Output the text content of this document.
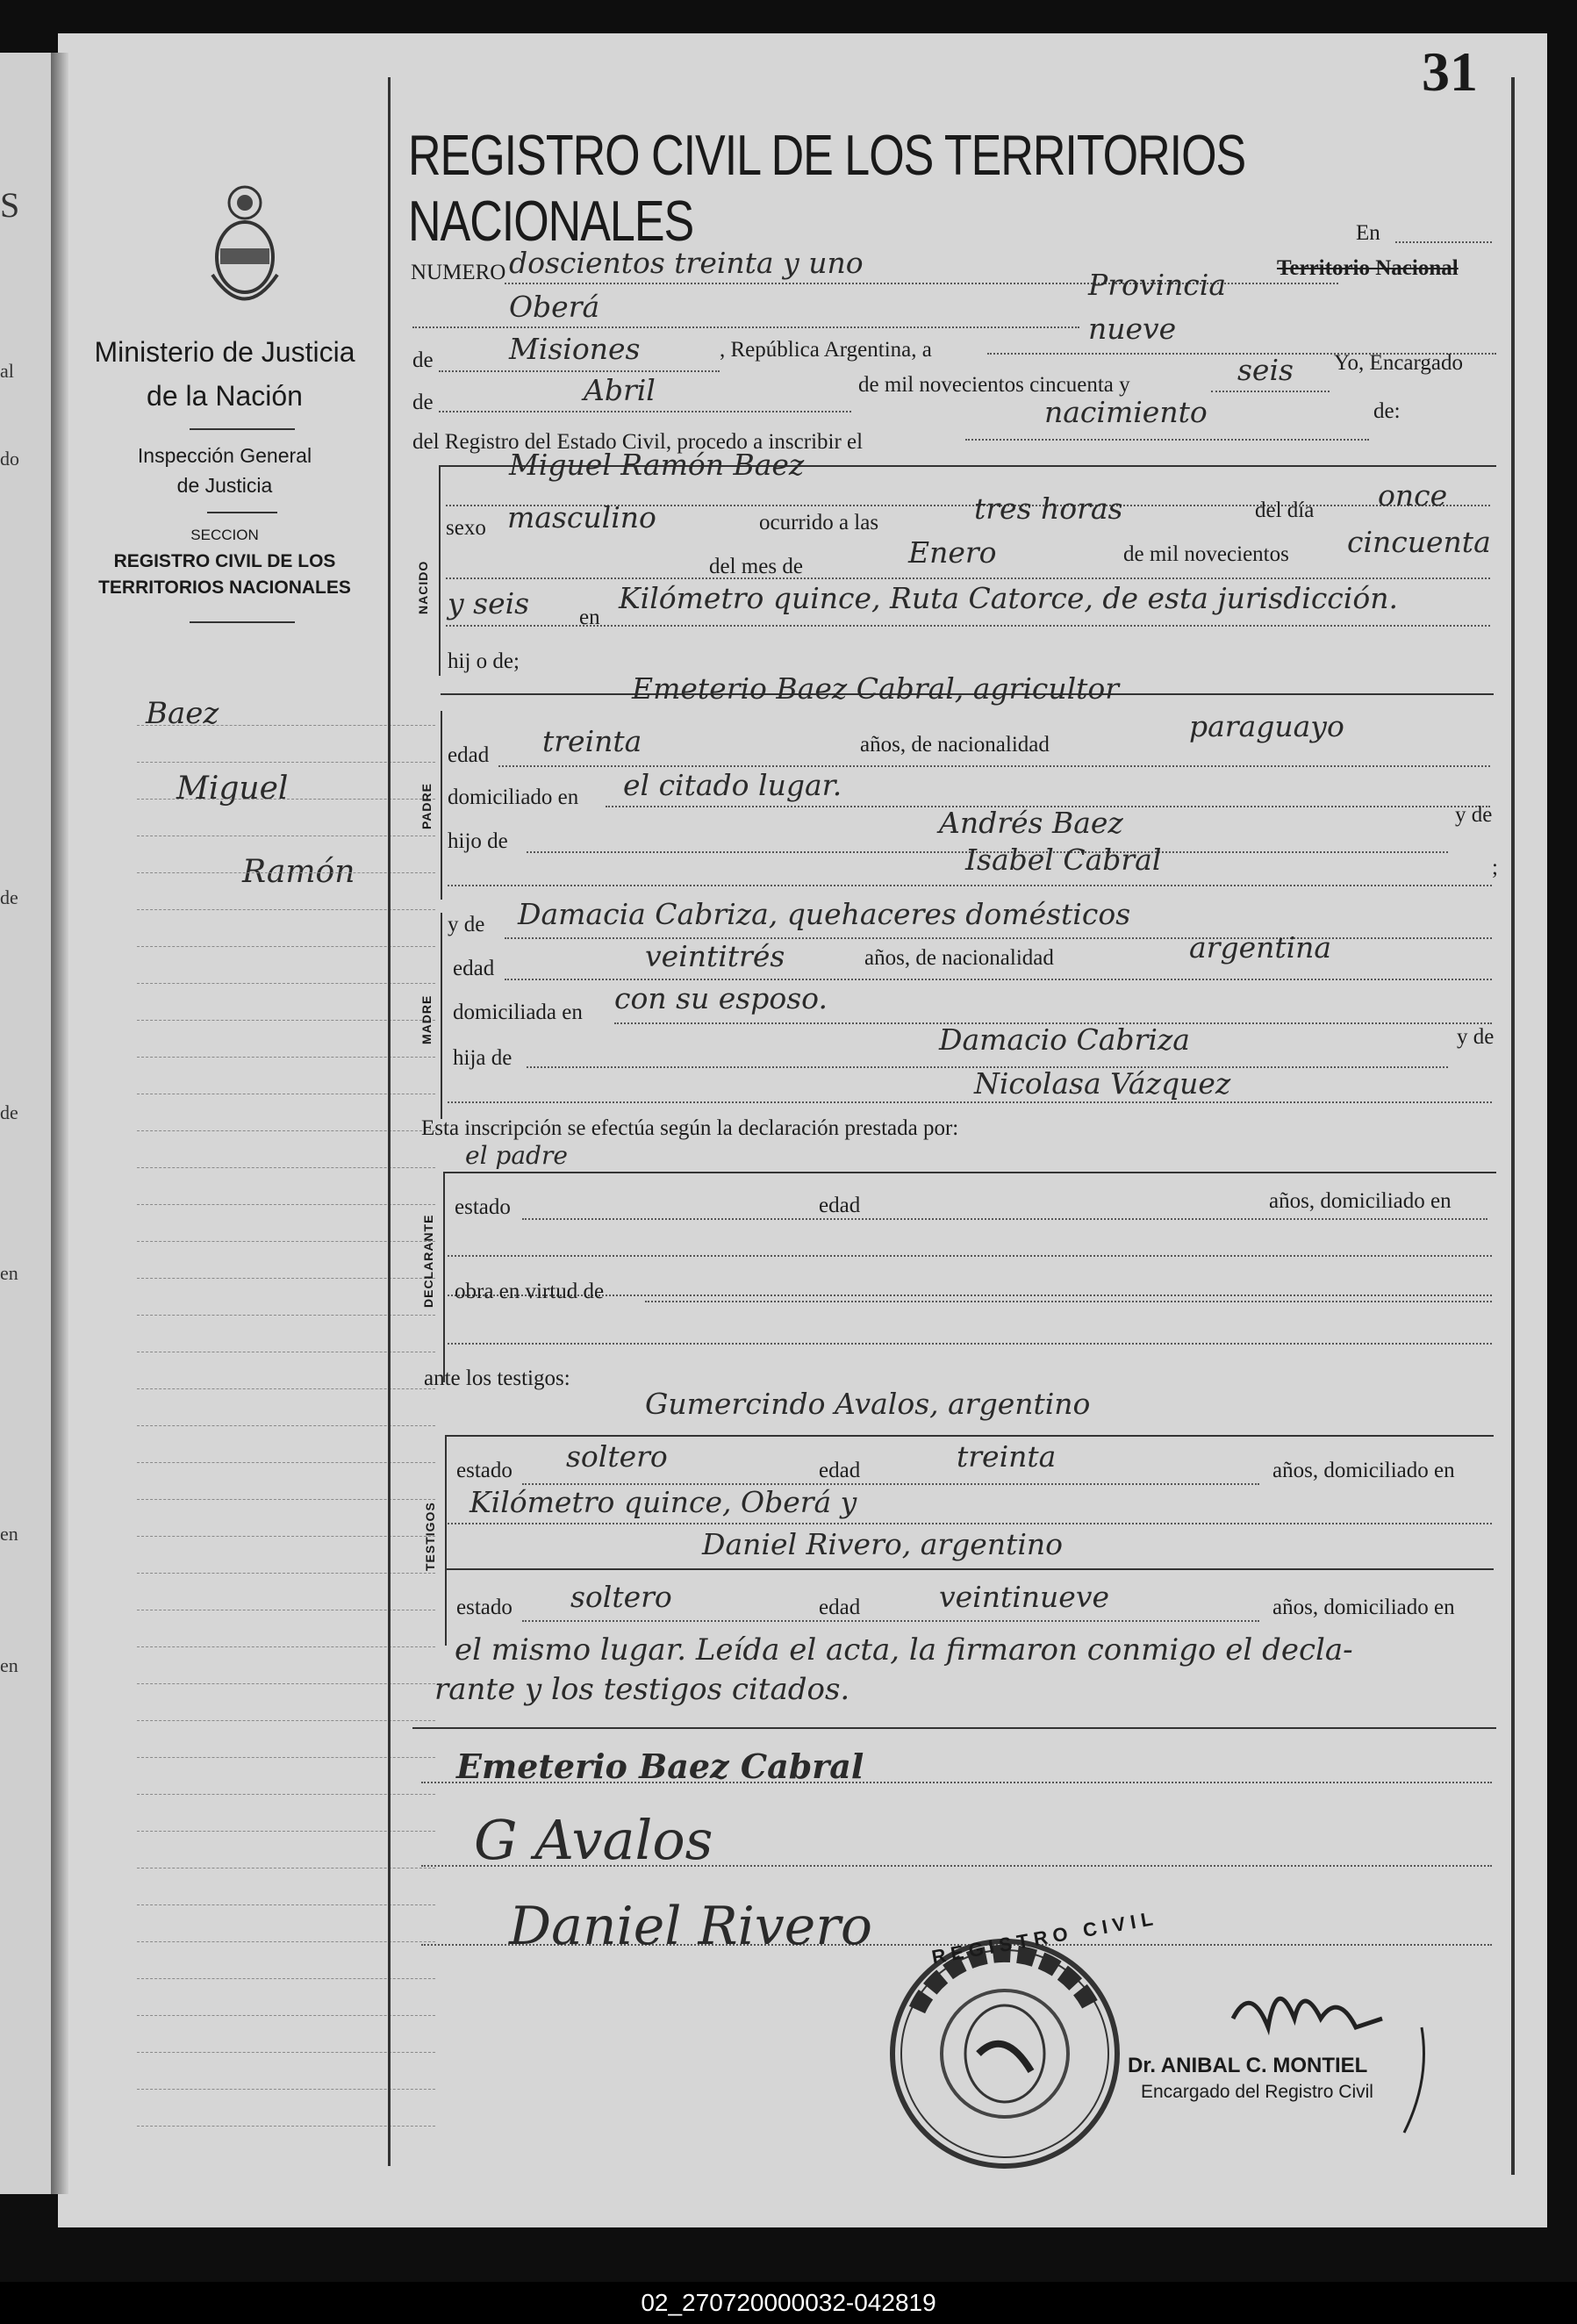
S
al
do
de
de
en
en
en
Ministerio de Justicia
de la Nación
Inspección General
de Justicia
SECCION
REGISTRO CIVIL DE LOS
TERRITORIOS NACIONALES
Baez
Miguel
Ramón
31
REGISTRO CIVIL DE LOS TERRITORIOS NACIONALES
NUMERO doscientos treinta y uno
En
Oberá
Provincia Territorio Nacional
de	Misiones	, República Argentina, a
nueve
de	Abril	de mil novecientos cincuenta y	seis Yo, Encargado
del Registro del Estado Civil, procedo a inscribir el
nacimiento	de:
NACIDO
Miguel Ramón Baez
sexo masculino	ocurrido a las	tres horas	del día once
del mes de	Enero	de mil novecientos cincuenta
y seis en
Kilómetro quince, Ruta Catorce, de esta jurisdicción.
hij o de;
PADRE
Emeterio Baez Cabral, agricultor
edad treinta	años, de nacionalidad
paraguayo
domiciliado en el citado lugar.
hijo de
Andrés Baez	y de
Isabel Cabral	;
MADRE
y de Damacia Cabriza, quehaceres domésticos
edad	veintitrés	años, de nacionalidad	argentina
domiciliada en con su esposo.
hija de
Damacio Cabriza	y de
Nicolasa Vázquez
Esta inscripción se efectúa según la declaración prestada por:
el padre
DECLARANTE
estado	edad	años, domiciliado en
obra en virtud de
ante los testigos:
Gumercindo Avalos, argentino
TESTIGOS
estado soltero	edad	treinta	años, domiciliado en
Kilómetro quince, Oberá y
Daniel Rivero, argentino
estado soltero	edad	veintinueve	años, domiciliado en
el mismo lugar. Leída el acta, la firmaron conmigo el decla-
rante y los testigos citados.
Emeterio Baez Cabral
G Avalos
Daniel Rivero	REGISTRO CIVIL
Dr. ANIBAL C. MONTIEL
Encargado del Registro Civil
02_270720000032-042819
